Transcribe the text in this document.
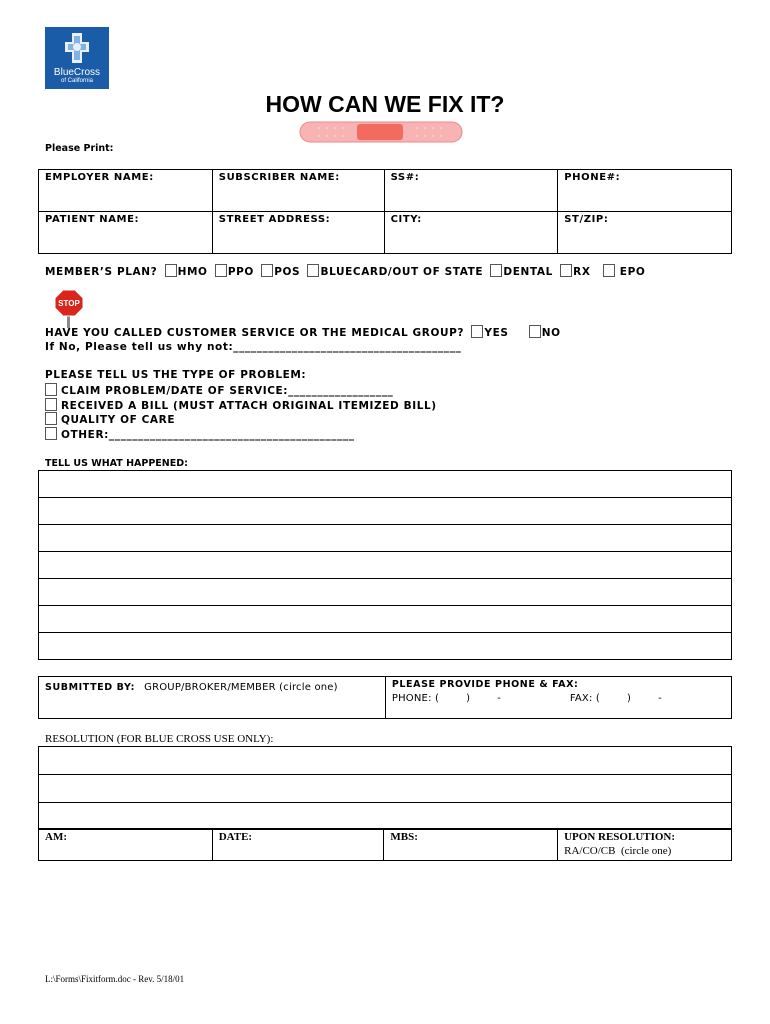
BlueCross
of California
HOW CAN WE FIX IT?
Please Print:
EMPLOYER NAME:	SUBSCRIBER NAME:	SS#:	PHONE#:

PATIENT NAME:	STREET ADDRESS:	CITY:	ST/ZIP:
MEMBER’S PLAN? HMO PPO POS BLUECARD/OUT OF STATE DENTAL RX	EPO
STOP
HAVE YOU CALLED CUSTOMER SERVICE OR THE MEDICAL GROUP? YES	NO
If No, Please tell us why not:_______________________________________
PLEASE TELL US THE TYPE OF PROBLEM:
CLAIM PROBLEM/DATE OF SERVICE:__________________
RECEIVED A BILL (MUST ATTACH ORIGINAL ITEMIZED BILL)
QUALITY OF CARE
OTHER:__________________________________________
TELL US WHAT HAPPENED:

SUBMITTED BY: GROUP/BROKER/MEMBER (circle one)	PLEASE PROVIDE PHONE & FAX:
PHONE: (        )        -	FAX: (        )        -
RESOLUTION (FOR BLUE CROSS USE ONLY):

AM:	DATE:	MBS:	UPON RESOLUTION:
RA/CO/CB  (circle one)
L:\Forms\Fixitform.doc - Rev. 5/18/01
